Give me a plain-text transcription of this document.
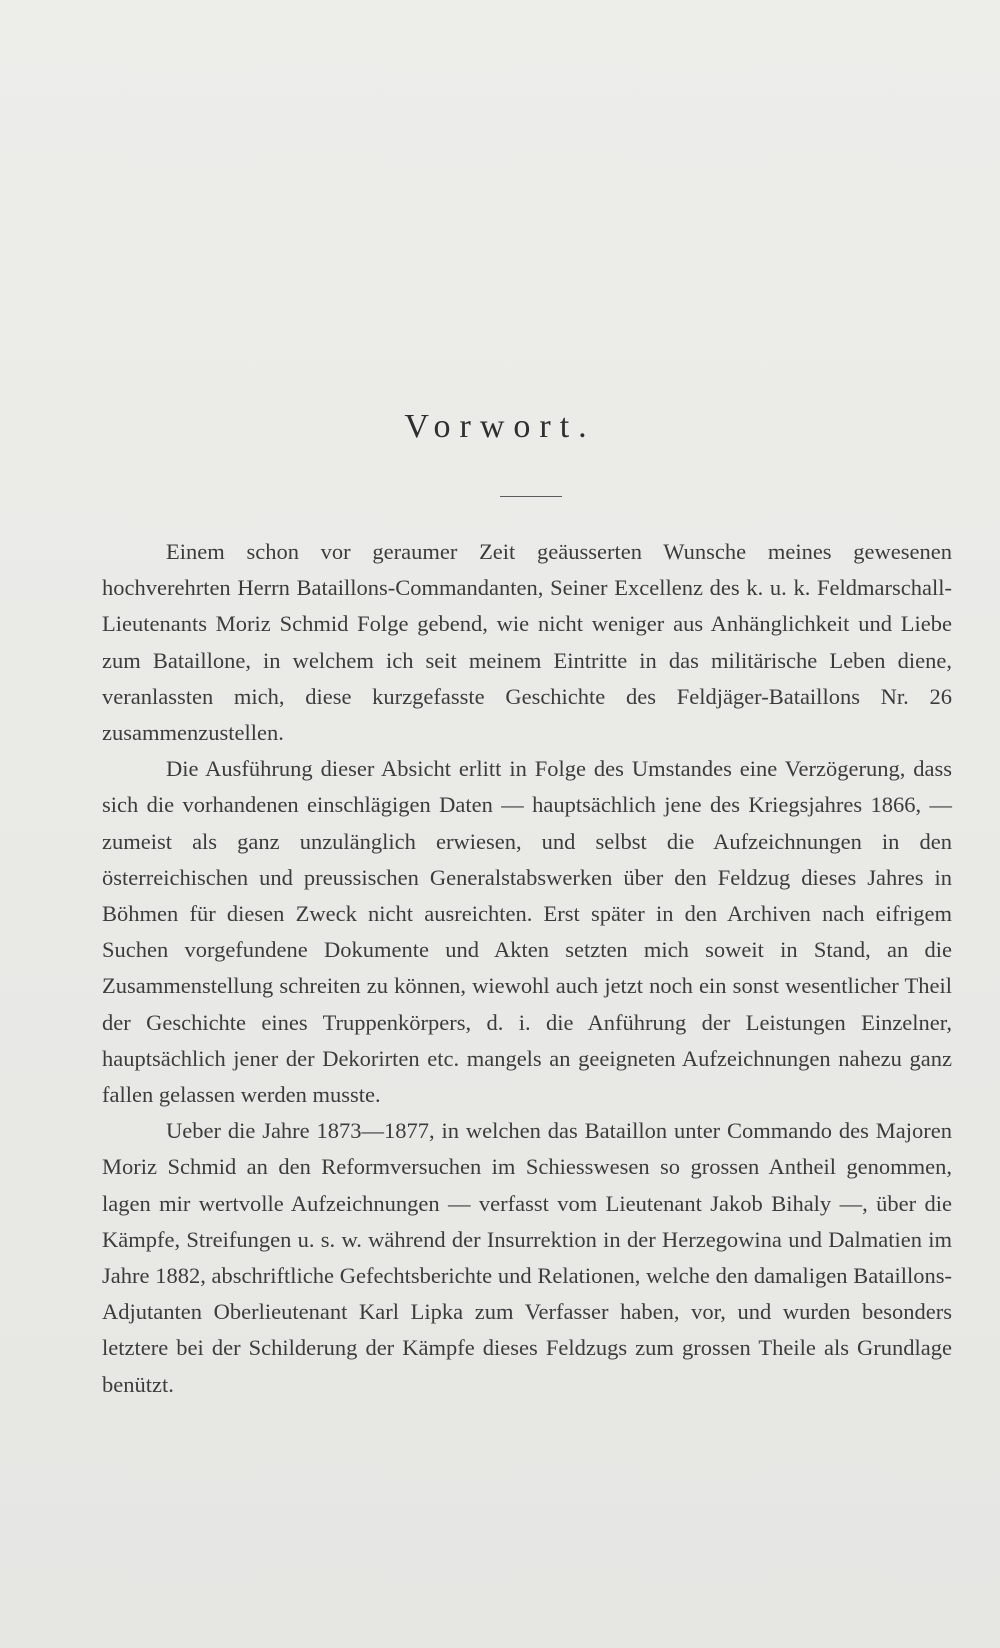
Vorwort.

Einem schon vor geraumer Zeit geäusserten Wunsche meines gewesenen hochverehrten Herrn Bataillons-Commandanten, Seiner Excellenz des k. u. k. Feldmarschall-Lieutenants Moriz Schmid Folge gebend, wie nicht weniger aus Anhänglichkeit und Liebe zum Bataillone, in welchem ich seit meinem Eintritte in das militärische Leben diene, veranlassten mich, diese kurzgefasste Geschichte des Feldjäger-Bataillons Nr. 26 zusammenzustellen.

Die Ausführung dieser Absicht erlitt in Folge des Umstandes eine Verzögerung, dass sich die vorhandenen einschlägigen Daten — hauptsächlich jene des Kriegsjahres 1866, — zumeist als ganz unzulänglich erwiesen, und selbst die Aufzeichnungen in den österreichischen und preussischen Generalstabswerken über den Feldzug dieses Jahres in Böhmen für diesen Zweck nicht ausreichten. Erst später in den Archiven nach eifrigem Suchen vorgefundene Dokumente und Akten setzten mich soweit in Stand, an die Zusammenstellung schreiten zu können, wiewohl auch jetzt noch ein sonst wesentlicher Theil der Geschichte eines Truppenkörpers, d. i. die Anführung der Leistungen Einzelner, hauptsächlich jener der Dekorirten etc. mangels an geeigneten Aufzeichnungen nahezu ganz fallen gelassen werden musste.

Ueber die Jahre 1873—1877, in welchen das Bataillon unter Commando des Majoren Moriz Schmid an den Reformversuchen im Schiesswesen so grossen Antheil genommen, lagen mir wertvolle Aufzeichnungen — verfasst vom Lieutenant Jakob Bihaly —, über die Kämpfe, Streifungen u. s. w. während der Insurrektion in der Herzegowina und Dalmatien im Jahre 1882, abschriftliche Gefechtsberichte und Relationen, welche den damaligen Bataillons-Adjutanten Oberlieutenant Karl Lipka zum Verfasser haben, vor, und wurden besonders letztere bei der Schilderung der Kämpfe dieses Feldzugs zum grossen Theile als Grundlage benützt.
